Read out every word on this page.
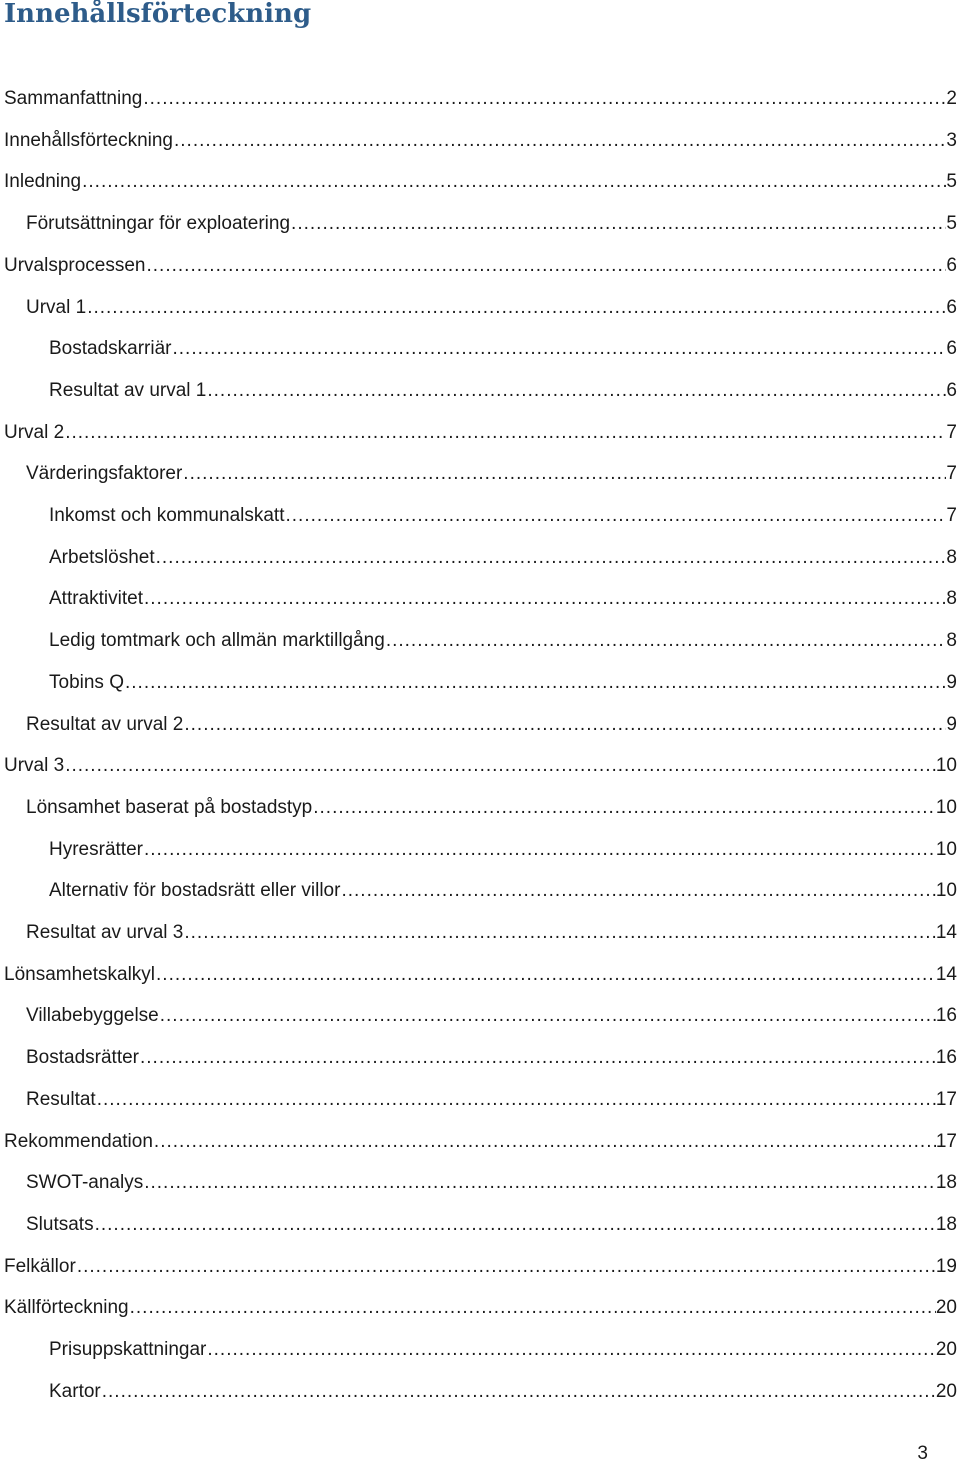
Innehållsförteckning
Sammanfattning .....	2
Innehållsförteckning .....	3
Inledning .....	5
Förutsättningar för exploatering .....	5
Urvalsprocessen .....	6
Urval 1 .....	6
Bostadskarriär .....	6
Resultat av urval 1 .....	6
Urval 2 .....	7
Värderingsfaktorer .....	7
Inkomst och kommunalskatt .....	7
Arbetslöshet .....	8
Attraktivitet .....	8
Ledig tomtmark och allmän marktillgång .....	8
Tobins Q .....	9
Resultat av urval 2 .....	9
Urval 3 .....	10
Lönsamhet baserat på bostadstyp .....	10
Hyresrätter .....	10
Alternativ för bostadsrätt eller villor .....	10
Resultat av urval 3 .....	14
Lönsamhetskalkyl .....	14
Villabebyggelse .....	16
Bostadsrätter .....	16
Resultat .....	17
Rekommendation .....	17
SWOT-analys .....	18
Slutsats .....	18
Felkällor .....	19
Källförteckning .....	20
Prisuppskattningar .....	20
Kartor .....	20
3
